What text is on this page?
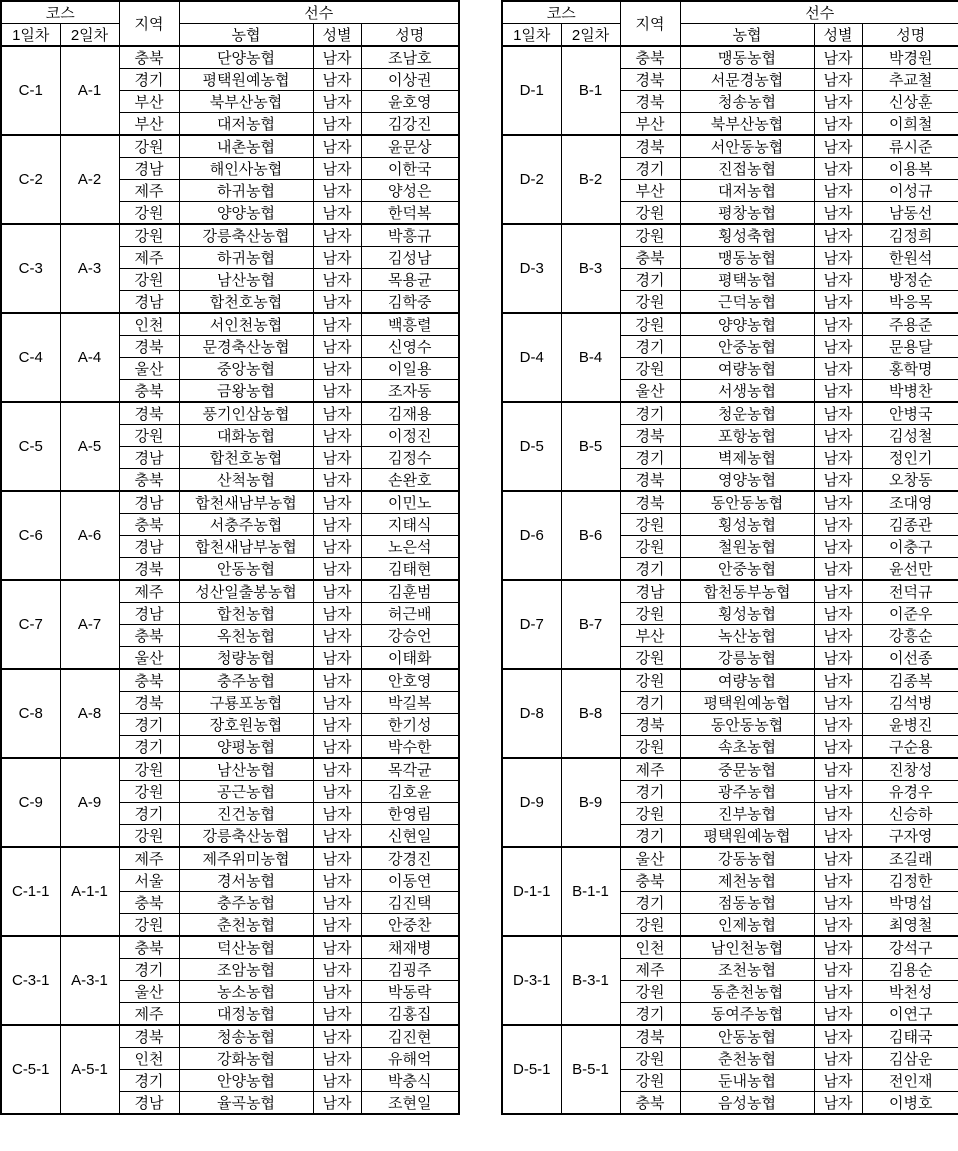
코스		지역	선수		
1일차	2일차		농협	성별	성명
C-1	A-1	충북	단양농협	남자	조남호
		경기	평택원예농협	남자	이상권
		부산	북부산농협	남자	윤호영
		부산	대저농협	남자	김강진
C-2	A-2	강원	내촌농협	남자	윤문상
		경남	해인사농협	남자	이한국
		제주	하귀농협	남자	양성은
		강원	양양농협	남자	한덕복
C-3	A-3	강원	강릉축산농협	남자	박흥규
		제주	하귀농협	남자	김성남
		강원	남산농협	남자	목용균
		경남	합천호농협	남자	김학중
C-4	A-4	인천	서인천농협	남자	백흥렬
		경북	문경축산농협	남자	신영수
		울산	중앙농협	남자	이일용
		충북	금왕농협	남자	조자동
C-5	A-5	경북	풍기인삼농협	남자	김재용
		강원	대화농협	남자	이정진
		경남	합천호농협	남자	김정수
		충북	산척농협	남자	손완호
C-6	A-6	경남	합천새남부농협	남자	이민노
		충북	서충주농협	남자	지태식
		경남	합천새남부농협	남자	노은석
		경북	안동농협	남자	김태현
C-7	A-7	제주	성산일출봉농협	남자	김훈범
		경남	합천농협	남자	허근배
		충북	옥천농협	남자	강승언
		울산	청량농협	남자	이태화
C-8	A-8	충북	충주농협	남자	안호영
		경북	구룡포농협	남자	박길복
		경기	장호원농협	남자	한기성
		경기	양평농협	남자	박수한
C-9	A-9	강원	남산농협	남자	목각균
		강원	공근농협	남자	김호윤
		경기	진건농협	남자	한영림
		강원	강릉축산농협	남자	신현일
C-1-1	A-1-1	제주	제주위미농협	남자	강경진
		서울	경서농협	남자	이동연
		충북	충주농협	남자	김진택
		강원	춘천농협	남자	안중찬
C-3-1	A-3-1	충북	덕산농협	남자	채재병
		경기	조암농협	남자	김굉주
		울산	농소농협	남자	박동락
		제주	대정농협	남자	김홍집
C-5-1	A-5-1	경북	청송농협	남자	김진현
		인천	강화농협	남자	유해억
		경기	안양농협	남자	박충식
		경남	율곡농협	남자	조현일
코스		지역	선수		
1일차	2일차		농협	성별	성명
D-1	B-1	충북	맹동농협	남자	박경원
		경북	서문경농협	남자	추교철
		경북	청송농협	남자	신상훈
		부산	북부산농협	남자	이희철
D-2	B-2	경북	서안동농협	남자	류시준
		경기	진접농협	남자	이용복
		부산	대저농협	남자	이성규
		강원	평창농협	남자	남동선
D-3	B-3	강원	횡성축협	남자	김정희
		충북	맹동농협	남자	한원석
		경기	평택농협	남자	방정순
		강원	근덕농협	남자	박응목
D-4	B-4	강원	양양농협	남자	주용준
		경기	안중농협	남자	문용달
		강원	여량농협	남자	홍학명
		울산	서생농협	남자	박병찬
D-5	B-5	경기	청운농협	남자	안병국
		경북	포항농협	남자	김성철
		경기	벽제농협	남자	정인기
		경북	영양농협	남자	오창동
D-6	B-6	경북	동안동농협	남자	조대영
		강원	횡성농협	남자	김종관
		강원	철원농협	남자	이충구
		경기	안중농협	남자	윤선만
D-7	B-7	경남	합천동부농협	남자	전덕규
		강원	횡성농협	남자	이준우
		부산	녹산농협	남자	강흥순
		강원	강릉농협	남자	이선종
D-8	B-8	강원	여량농협	남자	김종복
		경기	평택원예농협	남자	김석병
		경북	동안동농협	남자	윤병진
		강원	속초농협	남자	구순용
D-9	B-9	제주	중문농협	남자	진창성
		경기	광주농협	남자	유경우
		강원	진부농협	남자	신승하
		경기	평택원예농협	남자	구자영
D-1-1	B-1-1	울산	강동농협	남자	조길래
		충북	제천농협	남자	김정한
		경기	점동농협	남자	박명섭
		강원	인제농협	남자	최영철
D-3-1	B-3-1	인천	남인천농협	남자	강석구
		제주	조천농협	남자	김용순
		강원	동춘천농협	남자	박천성
		경기	동여주농협	남자	이연구
D-5-1	B-5-1	경북	안동농협	남자	김태국
		강원	춘천농협	남자	김삼운
		강원	둔내농협	남자	전인재
		충북	음성농협	남자	이병호
